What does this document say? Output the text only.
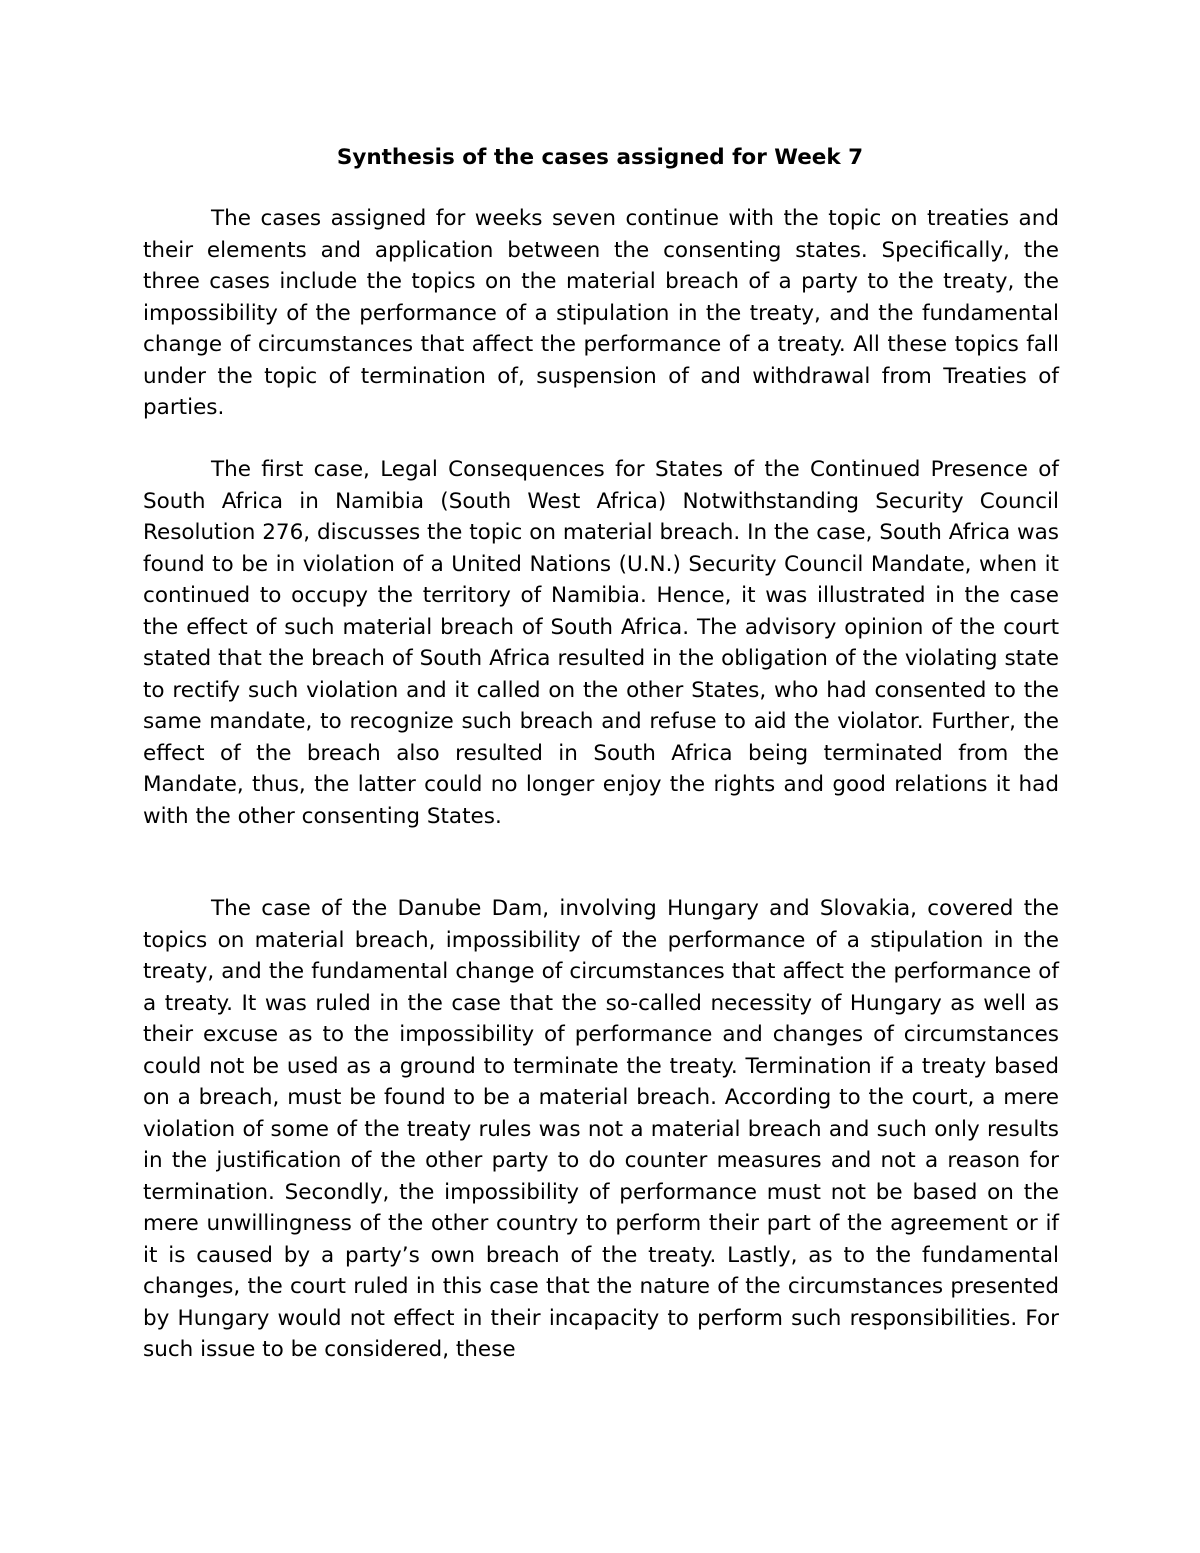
Synthesis of the cases assigned for Week 7

The cases assigned for weeks seven continue with the topic on treaties and their elements and application between the consenting states. Specifically, the three cases include the topics on the material breach of a party to the treaty, the impossibility of the performance of a stipulation in the treaty, and the fundamental change of circumstances that affect the performance of a treaty. All these topics fall under the topic of termination of, suspension of and withdrawal from Treaties of parties.

The first case, Legal Consequences for States of the Continued Presence of South Africa in Namibia (South West Africa) Notwithstanding Security Council Resolution 276, discusses the topic on material breach. In the case, South Africa was found to be in violation of a United Nations (U.N.) Security Council Mandate, when it continued to occupy the territory of Namibia. Hence, it was illustrated in the case the effect of such material breach of South Africa. The advisory opinion of the court stated that the breach of South Africa resulted in the obligation of the violating state to rectify such violation and it called on the other States, who had consented to the same mandate, to recognize such breach and refuse to aid the violator. Further, the effect of the breach also resulted in South Africa being terminated from the Mandate, thus, the latter could no longer enjoy the rights and good relations it had with the other consenting States.

The case of the Danube Dam, involving Hungary and Slovakia, covered the topics on material breach, impossibility of the performance of a stipulation in the treaty, and the fundamental change of circumstances that affect the performance of a treaty. It was ruled in the case that the so-called necessity of Hungary as well as their excuse as to the impossibility of performance and changes of circumstances could not be used as a ground to terminate the treaty. Termination if a treaty based on a breach, must be found to be a material breach. According to the court, a mere violation of some of the treaty rules was not a material breach and such only results in the justification of the other party to do counter measures and not a reason for termination. Secondly, the impossibility of performance must not be based on the mere unwillingness of the other country to perform their part of the agreement or if it is caused by a party’s own breach of the treaty. Lastly, as to the fundamental changes, the court ruled in this case that the nature of the circumstances presented by Hungary would not effect in their incapacity to perform such responsibilities. For such issue to be considered, these
